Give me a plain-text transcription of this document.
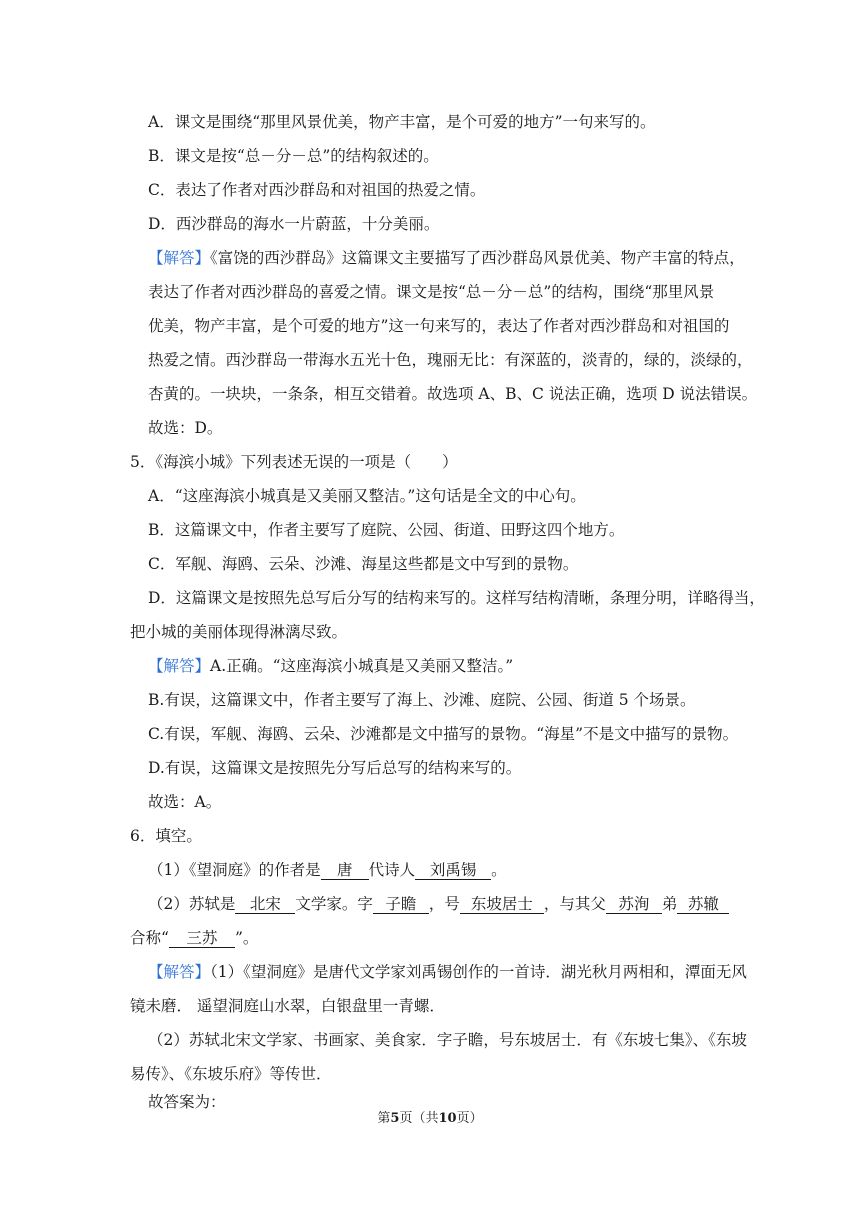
A．课文是围绕“那里风景优美，物产丰富，是个可爱的地方”一句来写的。
B．课文是按“总－分－总”的结构叙述的。
C．表达了作者对西沙群岛和对祖国的热爱之情。
D．西沙群岛的海水一片蔚蓝，十分美丽。
【解答】《富饶的西沙群岛》这篇课文主要描写了西沙群岛风景优美、物产丰富的特点，
表达了作者对西沙群岛的喜爱之情。课文是按“总－分－总”的结构，围绕“那里风景
优美，物产丰富，是个可爱的地方”这一句来写的，表达了作者对西沙群岛和对祖国的
热爱之情。西沙群岛一带海水五光十色，瑰丽无比：有深蓝的，淡青的，绿的，淡绿的，
杏黄的。一块块，一条条，相互交错着。故选项 A、B、C 说法正确，选项 D 说法错误。
故选：D。
5．《海滨小城》下列表述无误的一项是（　　）
A．“这座海滨小城真是又美丽又整洁。”这句话是全文的中心句。
B．这篇课文中，作者主要写了庭院、公园、街道、田野这四个地方。
C．军舰、海鸥、云朵、沙滩、海星这些都是文中写到的景物。
D．这篇课文是按照先总写后分写的结构来写的。这样写结构清晰，条理分明，详略得当，
把小城的美丽体现得淋漓尽致。
【解答】A.正确。“这座海滨小城真是又美丽又整洁。”
B.有误，这篇课文中，作者主要写了海上、沙滩、庭院、公园、街道 5 个场景。
C.有误，军舰、海鸥、云朵、沙滩都是文中描写的景物。“海星”不是文中描写的景物。
D.有误，这篇课文是按照先分写后总写的结构来写的。
故选：A。
6．填空。
（1）《望洞庭》的作者是 唐 代诗人 刘禹锡 。
（2）苏轼是 北宋 文学家。字 子瞻 ，号 东坡居士 ，与其父 苏洵 弟 苏辙
合称“ 三苏 ”。
【解答】（1）《望洞庭》是唐代文学家刘禹锡创作的一首诗．湖光秋月两相和，潭面无风
镜未磨． 遥望洞庭山水翠，白银盘里一青螺．
（2）苏轼北宋文学家、书画家、美食家．字子瞻，号东坡居士．有《东坡七集》、《东坡
易传》、《东坡乐府》等传世．
故答案为：
第5页（共10页）
